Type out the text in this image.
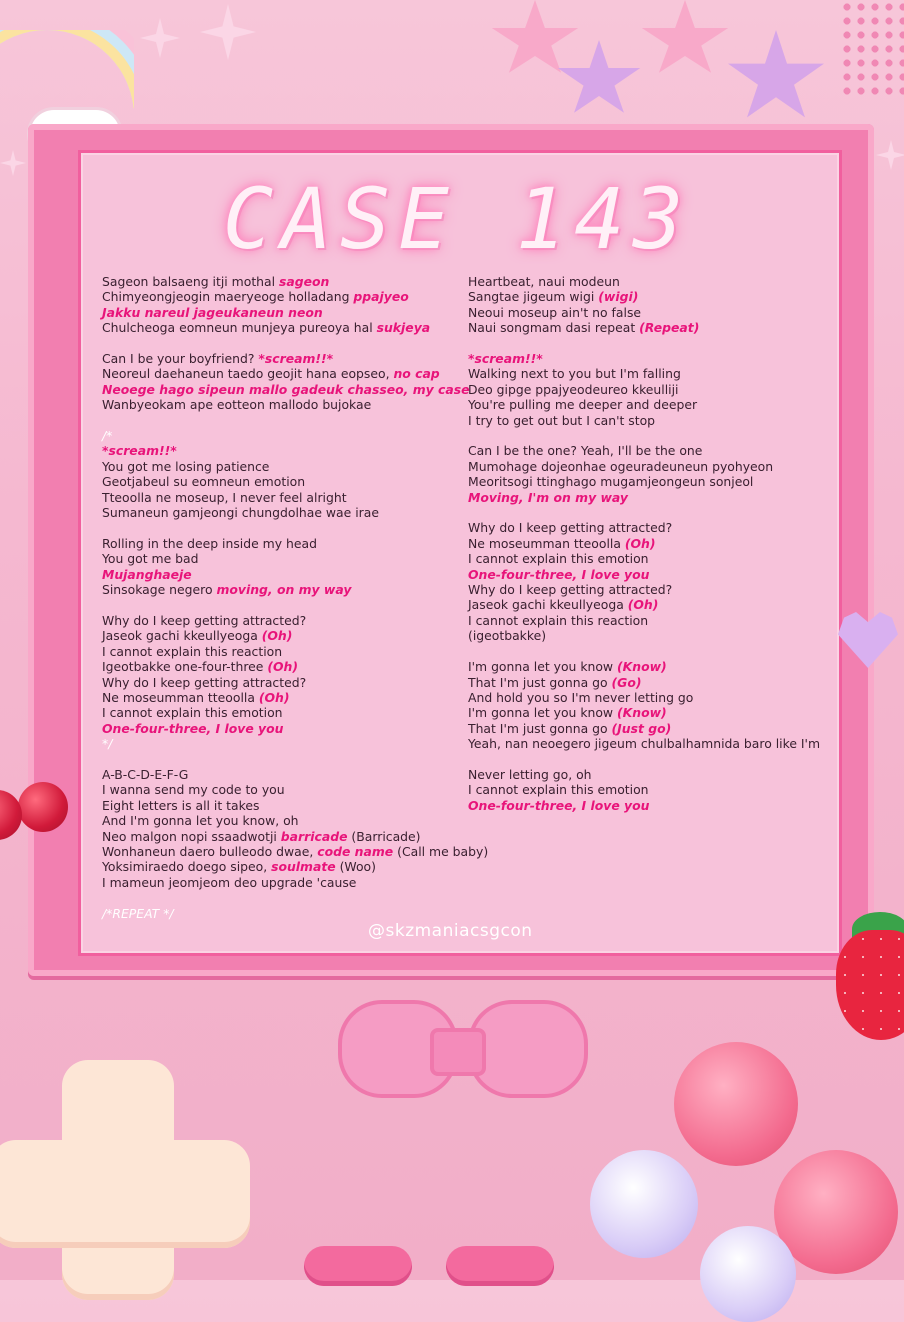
CASE 143
Sageon balsaeng itji mothal sageon
Chimyeongjeogin maeryeoge holladang ppajyeo
Jakku nareul jageukaneun neon
Chulcheoga eomneun munjeya pureoya hal sukjeya
Can I be your boyfriend? *scream!!*
Neoreul daehaneun taedo geojit hana eopseo, no cap
Neoege hago sipeun mallo gadeuk chasseo, my case
Wanbyeokam ape eotteon mallodo bujokae
/*
*scream!!*
You got me losing patience
Geotjabeul su eomneun emotion
Tteoolla ne moseup, I never feel alright
Sumaneun gamjeongi chungdolhae wae irae
Rolling in the deep inside my head
You got me bad
Mujanghaeje
Sinsokage negero moving, on my way
Why do I keep getting attracted?
Jaseok gachi kkeullyeoga (Oh)
I cannot explain this reaction
Igeotbakke one-four-three (Oh)
Why do I keep getting attracted?
Ne moseumman tteoolla (Oh)
I cannot explain this emotion
One-four-three, I love you
*/
A-B-C-D-E-F-G
I wanna send my code to you
Eight letters is all it takes
And I'm gonna let you know, oh
Neo malgon nopi ssaadwotji barricade (Barricade)
Wonhaneun daero bulleodo dwae, code name (Call me baby)
Yoksimiraedo doego sipeo, soulmate (Woo)
I mameun jeomjeom deo upgrade 'cause
/*REPEAT */
Heartbeat, naui modeun
Sangtae jigeum wigi (wigi)
Neoui moseup ain't no false
Naui songmam dasi repeat (Repeat)
*scream!!*
Walking next to you but I'm falling
Deo gipge ppajyeodeureo kkeulliji
You're pulling me deeper and deeper
I try to get out but I can't stop
Can I be the one? Yeah, I'll be the one
Mumohage dojeonhae ogeuradeuneun pyohyeon
Meoritsogi ttinghago mugamjeongeun sonjeol
Moving, I'm on my way
Why do I keep getting attracted?
Ne moseumman tteoolla (Oh)
I cannot explain this emotion
One-four-three, I love you
Why do I keep getting attracted?
Jaseok gachi kkeullyeoga (Oh)
I cannot explain this reaction
(igeotbakke)
I'm gonna let you know (Know)
That I'm just gonna go (Go)
And hold you so I'm never letting go
I'm gonna let you know (Know)
That I'm just gonna go (Just go)
Yeah, nan neoegero jigeum chulbalhamnida baro like I'm
Never letting go, oh
I cannot explain this emotion
One-four-three, I love you
@skzmaniacsgcon
